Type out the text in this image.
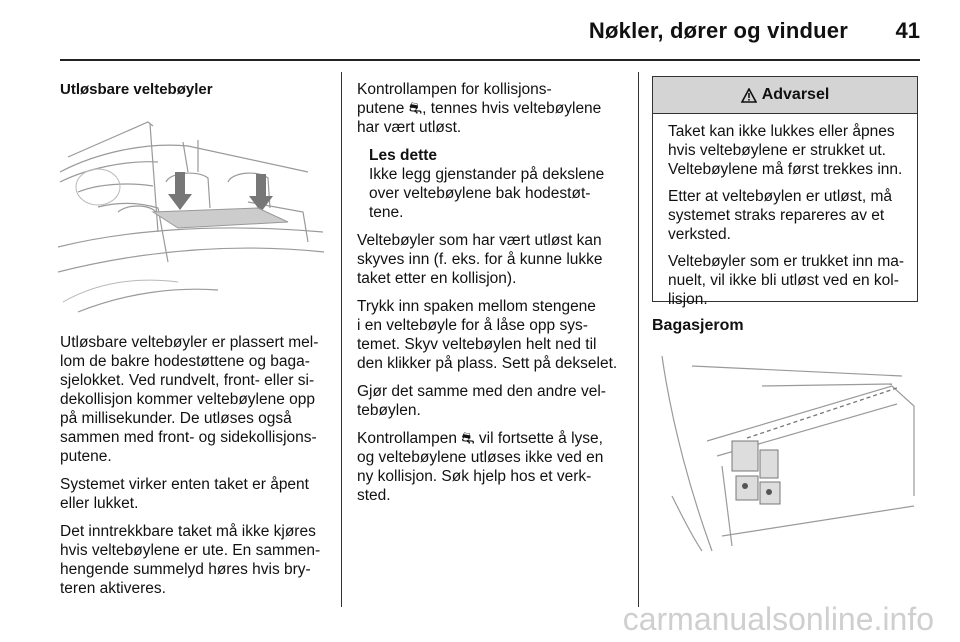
Nøkler, dører og vinduer 41

Utløsbare veltebøyler

Utløsbare veltebøyler er plassert mel-
lom de bakre hodestøttene og baga-
sjelokket. Ved rundvelt, front- eller si-
dekollisjon kommer veltebøylene opp
på millisekunder. De utløses også
sammen med front- og sidekollisjons-
putene.

Systemet virker enten taket er åpent
eller lukket.

Det inntrekkbare taket må ikke kjøres
hvis veltebøylene er ute. En sammen-
hengende summelyd høres hvis bry-
teren aktiveres.

Kontrollampen for kollisjons-
putene ⛐, tennes hvis veltebøylene
har vært utløst.

Les dette
Ikke legg gjenstander på dekslene
over veltebøylene bak hodestøt-
tene.

Veltebøyler som har vært utløst kan
skyves inn (f. eks. for å kunne lukke
taket etter en kollisjon).

Trykk inn spaken mellom stengene
i en veltebøyle for å låse opp sys-
temet. Skyv veltebøylen helt ned til
den klikker på plass. Sett på dekselet.

Gjør det samme med den andre vel-
tebøylen.

Kontrollampen ⛐ vil fortsette å lyse,
og veltebøylene utløses ikke ved en
ny kollisjon. Søk hjelp hos et verk-
sted.

Advarsel

Taket kan ikke lukkes eller åpnes
hvis veltebøylene er strukket ut.
Veltebøylene må først trekkes inn.

Etter at veltebøylen er utløst, må
systemet straks repareres av et
verksted.

Veltebøyler som er trukket inn ma-
nuelt, vil ikke bli utløst ved en kol-
lisjon.

Bagasjerom

carmanualsonline.info
